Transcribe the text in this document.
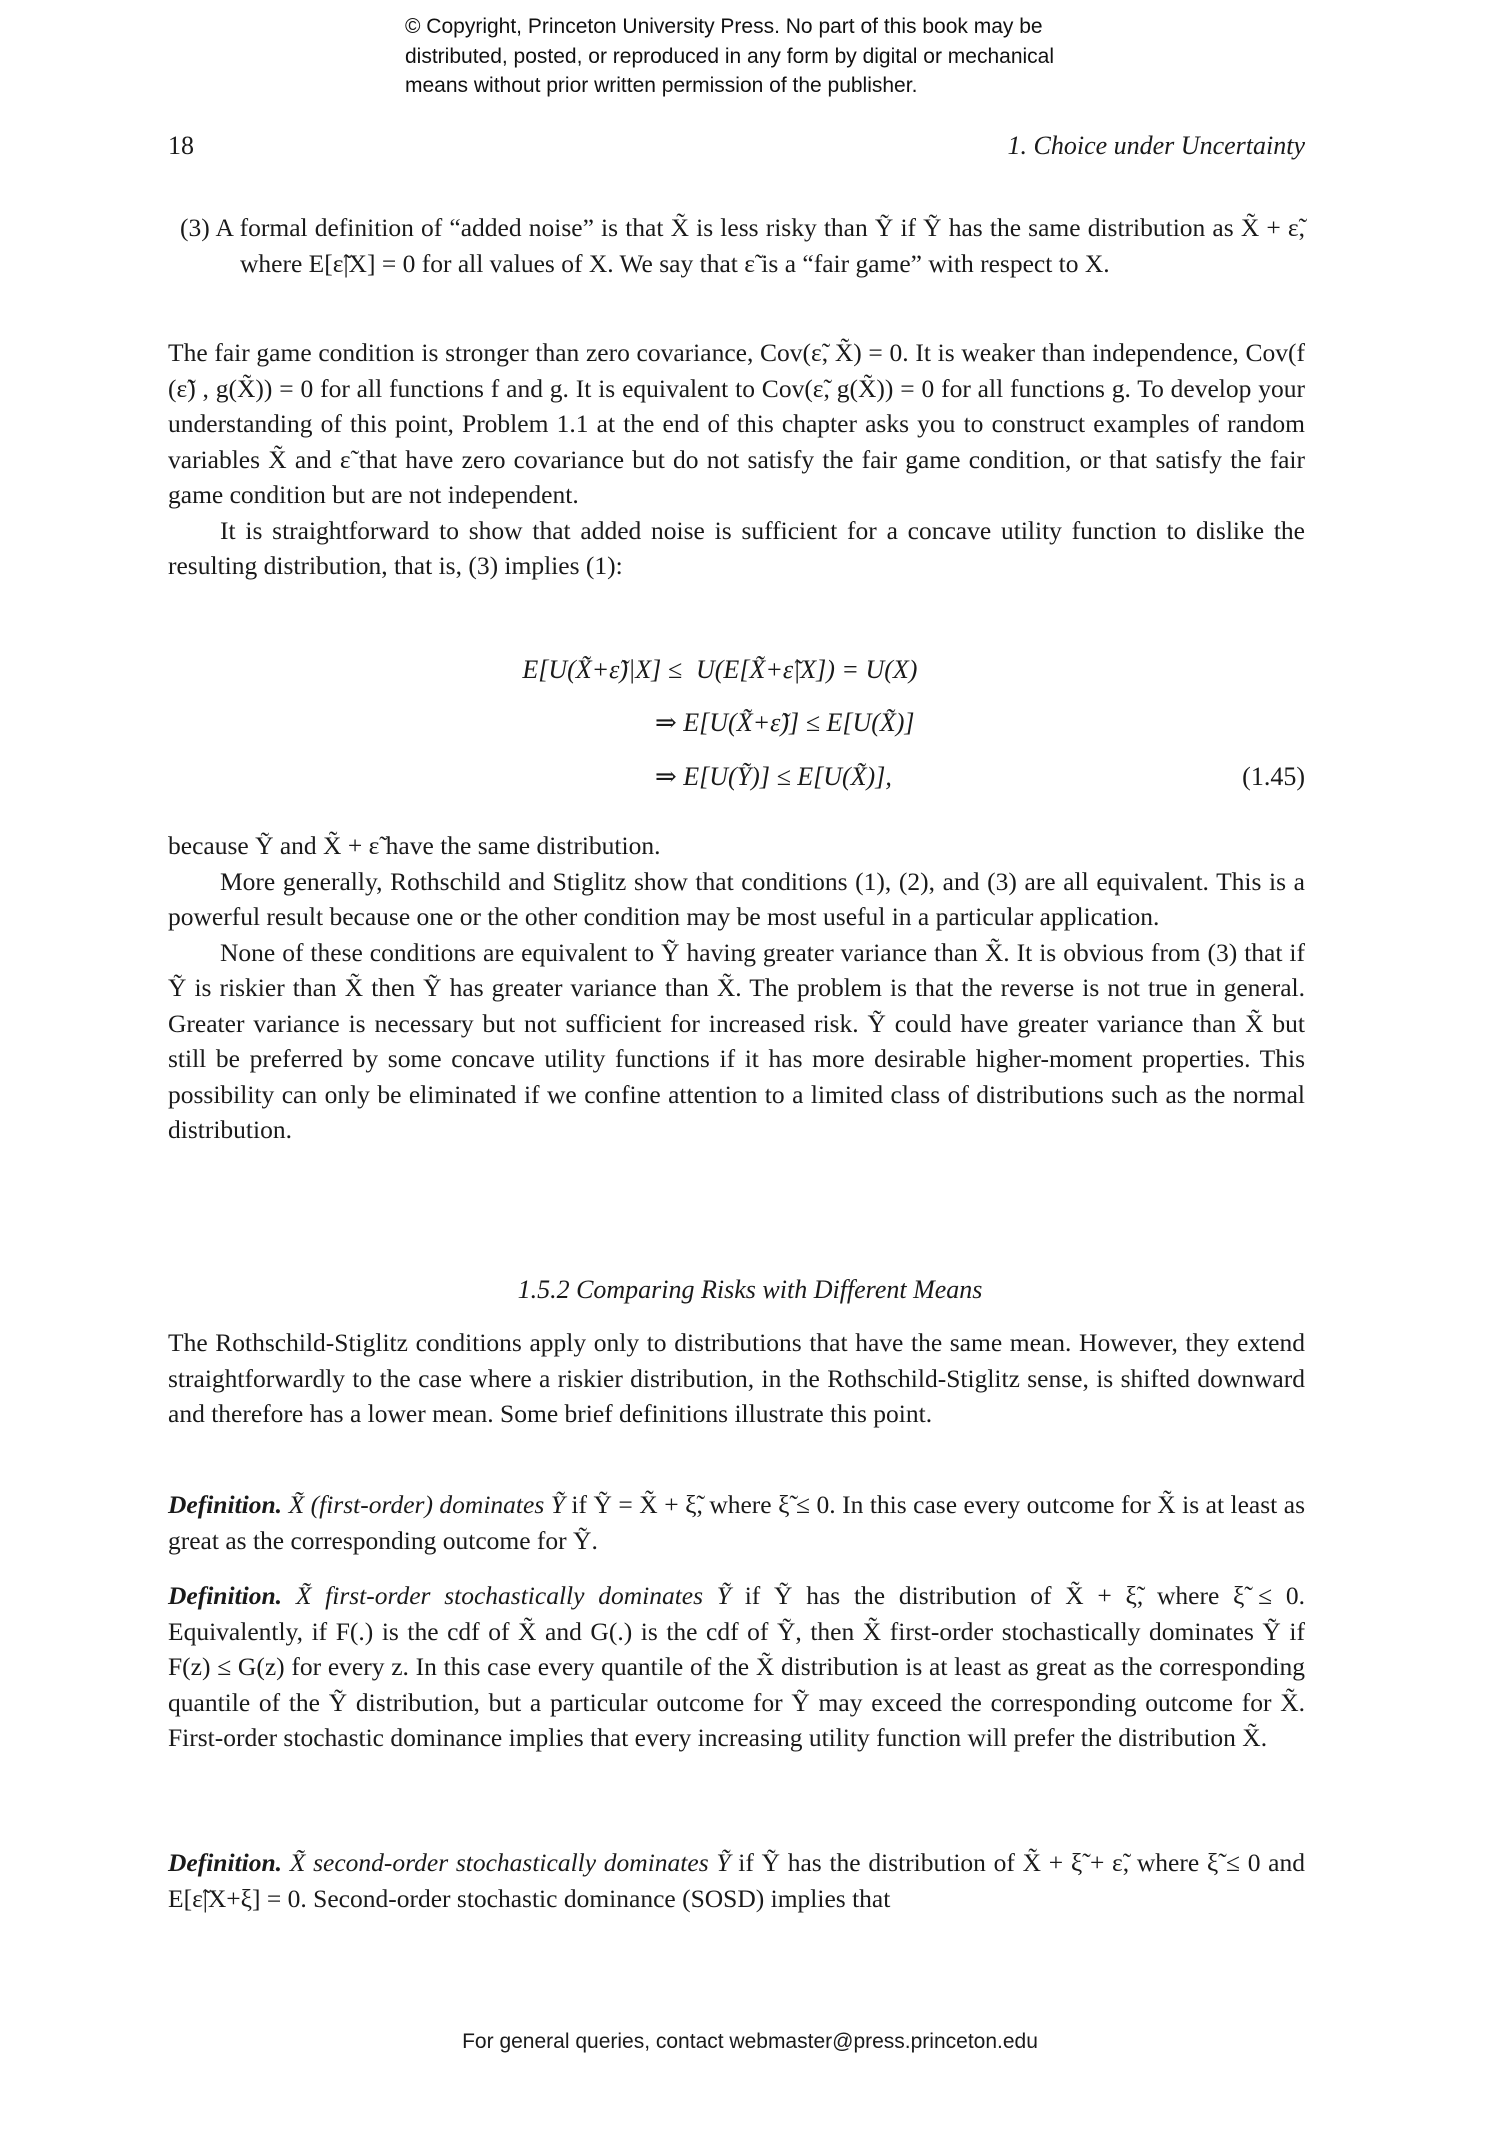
© Copyright, Princeton University Press. No part of this book may be
distributed, posted, or reproduced in any form by digital or mechanical
means without prior written permission of the publisher.
18	1. Choice under Uncertainty

(3) A formal definition of “added noise” is that X̃ is less risky than Ỹ if Ỹ has the same distribution as X̃ + ε̃, where E[ε̃|X] = 0 for all values of X. We say that ε̃ is a “fair game” with respect to X.

The fair game condition is stronger than zero covariance, Cov(ε̃, X̃) = 0. It is weaker than independence, Cov(f (ε̃) , g(X̃)) = 0 for all functions f and g. It is equivalent to Cov(ε̃, g(X̃)) = 0 for all functions g. To develop your understanding of this point, Problem 1.1 at the end of this chapter asks you to construct examples of random variables X̃ and ε̃ that have zero covariance but do not satisfy the fair game condition, or that satisfy the fair game condition but are not independent.

It is straightforward to show that added noise is sufficient for a concave utility function to dislike the resulting distribution, that is, (3) implies (1):

E[U(X̃+ε̃)|X] ≤ U(E[X̃+ε̃|X]) = U(X)
⇒ E[U(X̃+ε̃)] ≤ E[U(X̃)]
⇒ E[U(Ỹ)] ≤ E[U(X̃)],	(1.45)

because Ỹ and X̃ + ε̃ have the same distribution.

More generally, Rothschild and Stiglitz show that conditions (1), (2), and (3) are all equivalent. This is a powerful result because one or the other condition may be most useful in a particular application.

None of these conditions are equivalent to Ỹ having greater variance than X̃. It is obvious from (3) that if Ỹ is riskier than X̃ then Ỹ has greater variance than X̃. The problem is that the reverse is not true in general. Greater variance is necessary but not sufficient for increased risk. Ỹ could have greater variance than X̃ but still be preferred by some concave utility functions if it has more desirable higher-moment properties. This possibility can only be eliminated if we confine attention to a limited class of distributions such as the normal distribution.

1.5.2 Comparing Risks with Different Means
The Rothschild-Stiglitz conditions apply only to distributions that have the same mean. However, they extend straightforwardly to the case where a riskier distribution, in the Rothschild-Stiglitz sense, is shifted downward and therefore has a lower mean. Some brief definitions illustrate this point.
Definition. X̃ (first-order) dominates Ỹ if Ỹ = X̃ + ξ̃, where ξ̃ ≤ 0. In this case every outcome for X̃ is at least as great as the corresponding outcome for Ỹ.
Definition. X̃ first-order stochastically dominates Ỹ if Ỹ has the distribution of X̃ + ξ̃, where ξ̃ ≤ 0. Equivalently, if F(.) is the cdf of X̃ and G(.) is the cdf of Ỹ, then X̃ first-order stochastically dominates Ỹ if F(z) ≤ G(z) for every z. In this case every quantile of the X̃ distribution is at least as great as the corresponding quantile of the Ỹ distribution, but a particular outcome for Ỹ may exceed the corresponding outcome for X̃. First-order stochastic dominance implies that every increasing utility function will prefer the distribution X̃.
Definition. X̃ second-order stochastically dominates Ỹ if Ỹ has the distribution of X̃ + ξ̃ + ε̃, where ξ̃ ≤ 0 and E[ε̃|X+ξ] = 0. Second-order stochastic dominance (SOSD) implies that
For general queries, contact webmaster@press.princeton.edu
